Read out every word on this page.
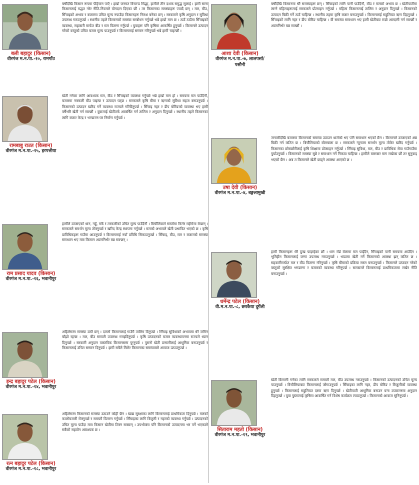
बली बहादुर (किसान)
वीरगंज म.न.पा.-१०, रामगाँउ
बर्षौंदेखि किसान रूपमा पेहिचान पाएँ । हाम्रो जनमत बिचार्‍ड सिद्धा, हामीले तीन दशक समुद्ध सुलाई । हामी साना किसानलाई मद्धत गरेर नीति-नियमले योगदान दिएका छौं । तर किसानका समस्याहरू ज्यादै छन् । मल, बीउ, सिँचाइको अभाव र बजारमा उचित मूल्य नपाउँदा किसानहरू निराश बनेका छन् । सरकारले कृषि अनुदान र सुविधा उपलब्ध गराउनुपर्छ । स्थानीय तहले किसानको समस्या सम्बोधन गर्नुपर्छ भन्ने हाम्रो माग छ । ठाउँ ठाउँमा सिँचाइको व्यवस्था, सहकारी मार्फत बीउ र मल वितरण गर्नुपर्छ । युवाहरू पनि कृषिमा आकर्षित हुनुपर्छ । किसानले उत्पादन गरेको वस्तुको उचित बजार मूल्य पाउनुपर्छ र किसानलाई सम्मान गरिनुपर्छ भन्ने हामी चाहन्छौं ।
रामबाबु राउत (किसान)
वीरगंज म.न.पा.-१५, हरपत्तीया
खेती गर्नका लागि आवश्यक मल, बीउ र सिँचाइको व्यवस्था गर्नुपर्छ भन्ने हाम्रो माग हो । समयमा मल पाउँदैनौं, बजारमा नक्कली बीउ पाइन्छ र उत्पादन घट्छ । सरकारले कृषि बीमा र ऋणको सुविधा सहज बनाउनुपर्छ । किसानको उत्पादन खरिद गर्ने व्यवस्था राज्यले गरिदिनुपर्छ । सिँचाइ नहर र डीप बोरिङको व्यवस्था भए हामी वर्षैभरि खेती गर्न सक्छौं । युवालाई खेतीतर्फ आकर्षित गर्न तालिम र अनुदान दिनुपर्छ । स्थानीय तहले किसानका लागि बजार केन्द्र र भण्डारण घर निर्माण गर्नुपर्छ ।
राम प्रसाद यादव (किसान)
वीरगंज म.न.पा.-१६, भवानीपुर
हामीले उब्जाएको धान, गहुँ, मकै र तरकारीको उचित मूल्य पाउँदैनौं । बिचौलियाले सस्तोमा किनेर महँगोमा बेच्छन् । सरकारले समर्थन मूल्य तोक्नुपर्छ र खरिद केन्द्र स्थापना गर्नुपर्छ । मलको अभावले खेती प्रभावित भएको छ । कृषि प्राविधिकहरू गाउँमा आउनुपर्छ र किसानलाई नयाँ प्रविधि सिकाउनुपर्छ । सिँचाइ, बीउ, मल र बजारको समस्या समाधान भए मात्र किसान आत्मनिर्भर बन्न सक्छन् ।
इन्द्र बहादुर पटेल (किसान)
वीरगंज म.न.पा.-१४, भवानीपुर
अहिलेसम्म समस्या उस्तै छन् । दाम्लो किसानलाई गाउँमै तालिम दिनुपर्छ । सिँचाइ सुविधाको अभावमा धेरै जमिन बाँझो रहन्छ । मल, बीउ समयमै उपलब्ध गराइदिनुपर्छ । कृषि उत्पादनको बजार व्यवस्थापनमा राज्यले ध्यान दिनुपर्छ । सरकारी अनुदान वास्तविक किसानसम्म पुग्नुपर्छ । पुरानो खेती प्रणालीलाई आधुनिक बनाउनुपर्छ र किसानलाई उचित सम्मान दिनुपर्छ । हामी सबैले मिलेर किसानका समस्याबारे आवाज उठाउनुपर्छ ।
रत्न बहादुर पटेल (किसान)
वीरगंज म.न.पा.-१८, भवानीपुर
अहिलेसम्म किसानको समस्या उठाउने कोही छैन । खाद्य सुरक्षाका लागि किसानलाई प्राथमिकता दिनुपर्छ । मलको कालोबजारी रोक्नुपर्छ र समयमै वितरण गर्नुपर्छ । सिँचाइका लागि बिजुली र नहरको व्यवस्था गर्नुपर्छ । उत्पादनको उचित मूल्य पाउँदा मात्र किसान खेतीमा टिक्न सक्छन् । उपभोक्ता पनि किसानको उत्पादनमा भर पर्ने भएकाले सबैको सहयोग आवश्यक छ ।
आशा देवी (किसान)
वीरगंज म.न.पा.-७, लालपर्सा/पसौनी
बर्षौंदेखि किसानमा धेरै समस्याहरू छन् । सिँचाइको लागि पानी पाउँदैनौं, बीउ र मलको अभाव छ । खेतीपातीमा लाग्ने महिलाहरूलाई सरकारले प्रोत्साहन गर्नुपर्छ । महिला किसानलाई तालिम र अनुदान दिनुपर्छ । किसानको उत्पादन बिक्री गर्ने ठाउँ चाहिन्छ । स्थानीय तहमा कृषि बजार बनाउनुपर्छ । किसानलाई सहुलियत ऋण दिइनुपर्छ । सिँचाइको लागि नहर र डीप बोरिङ चाहिन्छ । यी समस्या समाधान भए हामी खेतीबाट राम्रो आम्दानी गर्न सक्छौं र आत्मनिर्भर बन्न सक्छौं ।
उषा देवी (किसान)
वीरगंज म.न.पा.-४, बङ्गलामुखी
जनवरीदेखि बजारमा किसानको समस्या उठाउन थालेको भए पनि समाधान भएको छैन । किसानले उब्जाएको अन्न बिक्री गर्न कठिन छ । बिचौलियाको बोलबाला छ । सरकारले न्यूनतम समर्थन मूल्य तोकेर खरिद गर्नुपर्छ । किसानका छोराछोरीलाई कृषि शिक्षामा प्रोत्साहन गर्नुपर्छ । सिँचाइ सुविधा, मल, बीउ र प्राविधिक सेवा गाउँगाउँमा पुर्याउनुपर्छ । किसानको समस्या सुन्ने र समाधान गर्ने निकाय चाहिन्छ । हामीले बारम्बार माग राखेका छौं तर सुनुवाइ भएको छैन । अब त किसानले खेती छाड्ने अवस्था आएको छ ।
धर्मेन्द्र पटेल (किसान)
वी.म.न.पा.-८, छपकैया दुर्गेली
हामी किसानहरू धेरै दुःख पाइरहेका छौं । धान रोप्ने बेलामा मल पाइँदैन, सिँचाइको पानी समयमा आउँदैन । भूमिहीन किसानलाई जग्गा उपलब्ध गराउनुपर्छ । भाडामा खेती गर्ने किसानको अवस्था झन् कठिन छ । सहकारीमार्फत मल र बीउ वितरण गरिनुपर्छ । कृषि बीमाको प्रक्रिया सरल बनाउनुपर्छ । किसानले उत्पादन गरेको वस्तुको सुरक्षित भण्डारण र बजारको व्यवस्था गरिनुपर्छ । सरकारले किसानलाई प्राथमिकतामा राखेर नीति बनाउनुपर्छ ।
सिताराम महतो (किसान)
वीरगंज म.न.पा.-१९, भवानीपुर
खेती किसानी गर्नका लागि सरकारले समयमै मल, बीउ उपलब्ध गराउनुपर्छ । किसानको उत्पादनको उचित मूल्य पाउनुपर्छ । बिचौलियाबाट किसानलाई जोगाउनुपर्छ । सिँचाइका लागि नहर, डीप बोरिङ र बिजुलीको व्यवस्था हुनुपर्छ । किसानलाई सहुलियत दरमा ऋण दिनुपर्छ । खेतीपाती आधुनिक बनाउन यन्त्र उपकरणमा अनुदान दिइनुपर्छ । युवा पुस्तालाई कृषिमा आकर्षित गर्न विशेष कार्यक्रम ल्याउनुपर्छ । किसानको आवाज सुनिनुपर्छ ।
